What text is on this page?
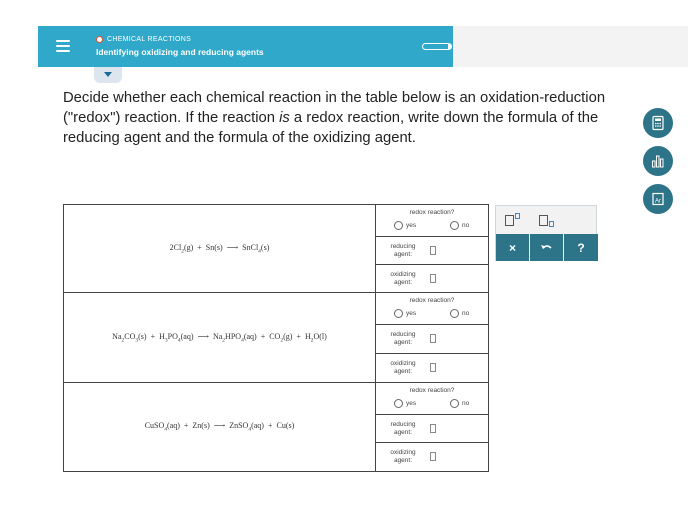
CHEMICAL REACTIONS
Identifying oxidizing and reducing agents
Decide whether each chemical reaction in the table below is an oxidation-reduction ("redox") reaction. If the reaction is a redox reaction, write down the formula of the reducing agent and the formula of the oxidizing agent.
Ar
$2Cl_2(g) + Sn(s)$ ⟶ SnCl$_4$(s)
redox reaction?
yes	no
reducing
agent:
oxidizing
agent:
$Na_2CO_3(s) + H_3PO_4(aq)$ ⟶ $Na_2HPO_4(aq) + CO_2(g) + H_2O(l)$
redox reaction?
yes	no
reducing
agent:
oxidizing
agent:
CuSO$_4$(aq) + Zn(s) ⟶ ZnSO$_4$(aq) + Cu(s)
redox reaction?
yes	no
reducing
agent:
oxidizing
agent:
×	?
